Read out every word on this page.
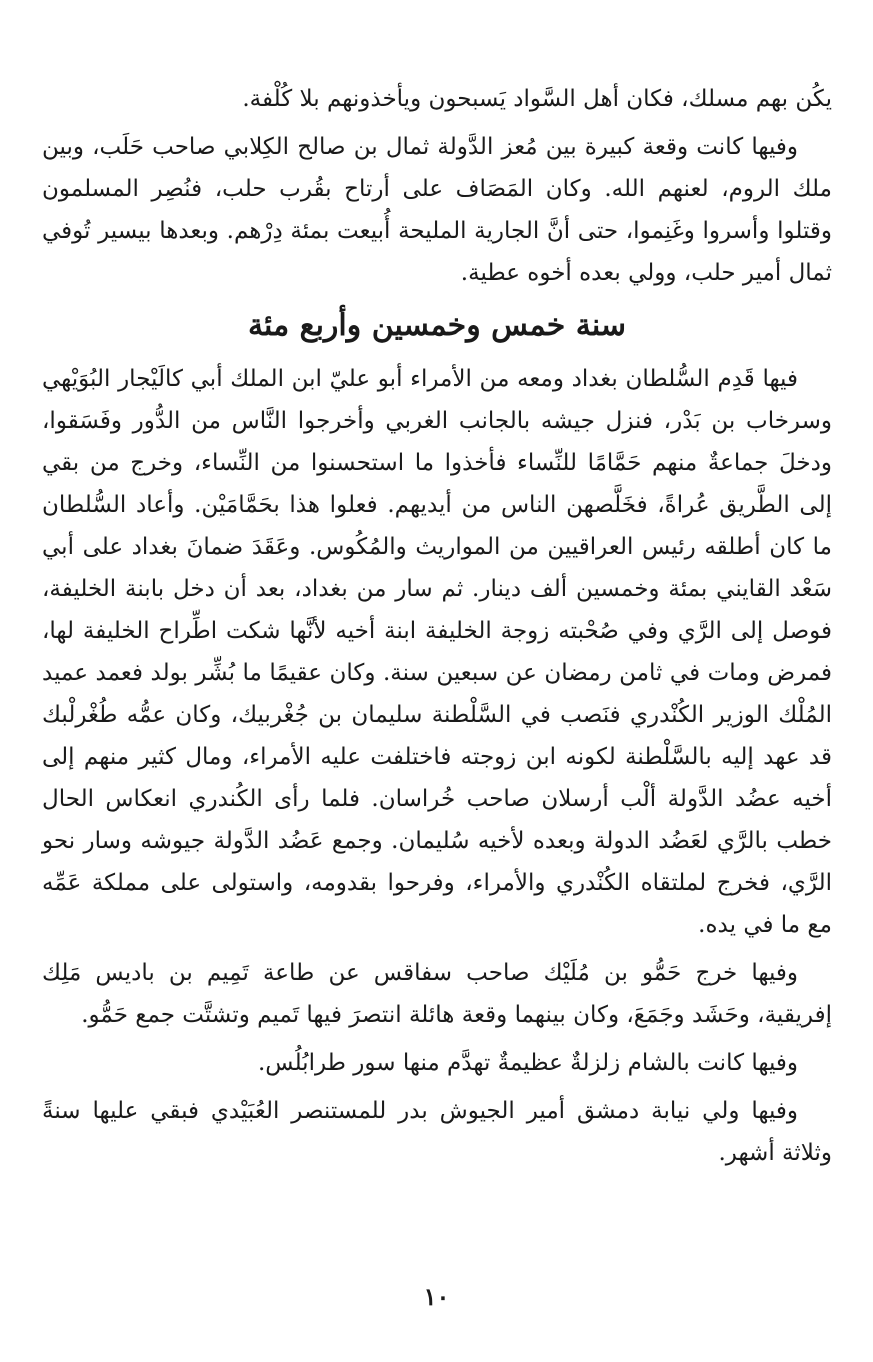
يكُن بهم مسلك، فكان أهل السَّواد يَسبحون ويأخذونهم بلا كُلْفة.

وفيها كانت وقعة كبيرة بين مُعز الدَّولة ثمال بن صالح الكِلابي صاحب حَلَب، وبين ملك الروم، لعنهم الله. وكان المَصَاف على أرتاح بقُرب حلب، فنُصِر المسلمون وقتلوا وأسروا وغَنِموا، حتى أنَّ الجارية المليحة أُبيعت بمئة دِرْهم. وبعدها بيسير تُوفي ثمال أمير حلب، وولي بعده أخوه عطية.

سنة خمس وخمسين وأربع مئة

فيها قَدِم السُّلطان بغداد ومعه من الأمراء أبو عليّ ابن الملك أبي كالَيْجار البُوَيْهي وسرخاب بن بَدْر، فنزل جيشه بالجانب الغربي وأخرجوا النَّاس من الدُّور وفَسَقوا، ودخلَ جماعةٌ منهم حَمَّامًا للنِّساء فأخذوا ما استحسنوا من النِّساء، وخرج من بقي إلى الطَّريق عُراةً، فخَلَّصهن الناس من أيديهم. فعلوا هذا بحَمَّامَيْن. وأعاد السُّلطان ما كان أطلقه رئيس العراقيين من المواريث والمُكُوس. وعَقَدَ ضمانَ بغداد على أبي سَعْد القايني بمئة وخمسين ألف دينار. ثم سار من بغداد، بعد أن دخل بابنة الخليفة، فوصل إلى الرَّي وفي صُحْبته زوجة الخليفة ابنة أخيه لأنَّها شكت اطِّراح الخليفة لها، فمرض ومات في ثامن رمضان عن سبعين سنة. وكان عقيمًا ما بُشِّر بولد فعمد عميد المُلْك الوزير الكُنْدري فنَصب في السَّلْطنة سليمان بن جُغْربيك، وكان عمُّه طُغْرلْبك قد عهد إليه بالسَّلْطنة لكونه ابن زوجته فاختلفت عليه الأمراء، ومال كثير منهم إلى أخيه عضُد الدَّولة ألْب أرسلان صاحب خُراسان. فلما رأى الكُندري انعكاس الحال خطب بالرَّي لعَضُد الدولة وبعده لأخيه سُليمان. وجمع عَضُد الدَّولة جيوشه وسار نحو الرَّي، فخرج لملتقاه الكُنْدري والأمراء، وفرحوا بقدومه، واستولى على مملكة عَمِّه مع ما في يده.

وفيها خرج حَمُّو بن مُلَيْك صاحب سفاقس عن طاعة تَمِيم بن باديس مَلِك إفريقية، وحَشَد وجَمَعَ، وكان بينهما وقعة هائلة انتصرَ فيها تَميم وتشتَّت جمع حَمُّو.

وفيها كانت بالشام زلزلةٌ عظيمةٌ تهدَّم منها سور طرابُلُس.

وفيها ولي نيابة دمشق أمير الجيوش بدر للمستنصر العُبَيْدي فبقي عليها سنةً وثلاثة أشهر.

١٠
